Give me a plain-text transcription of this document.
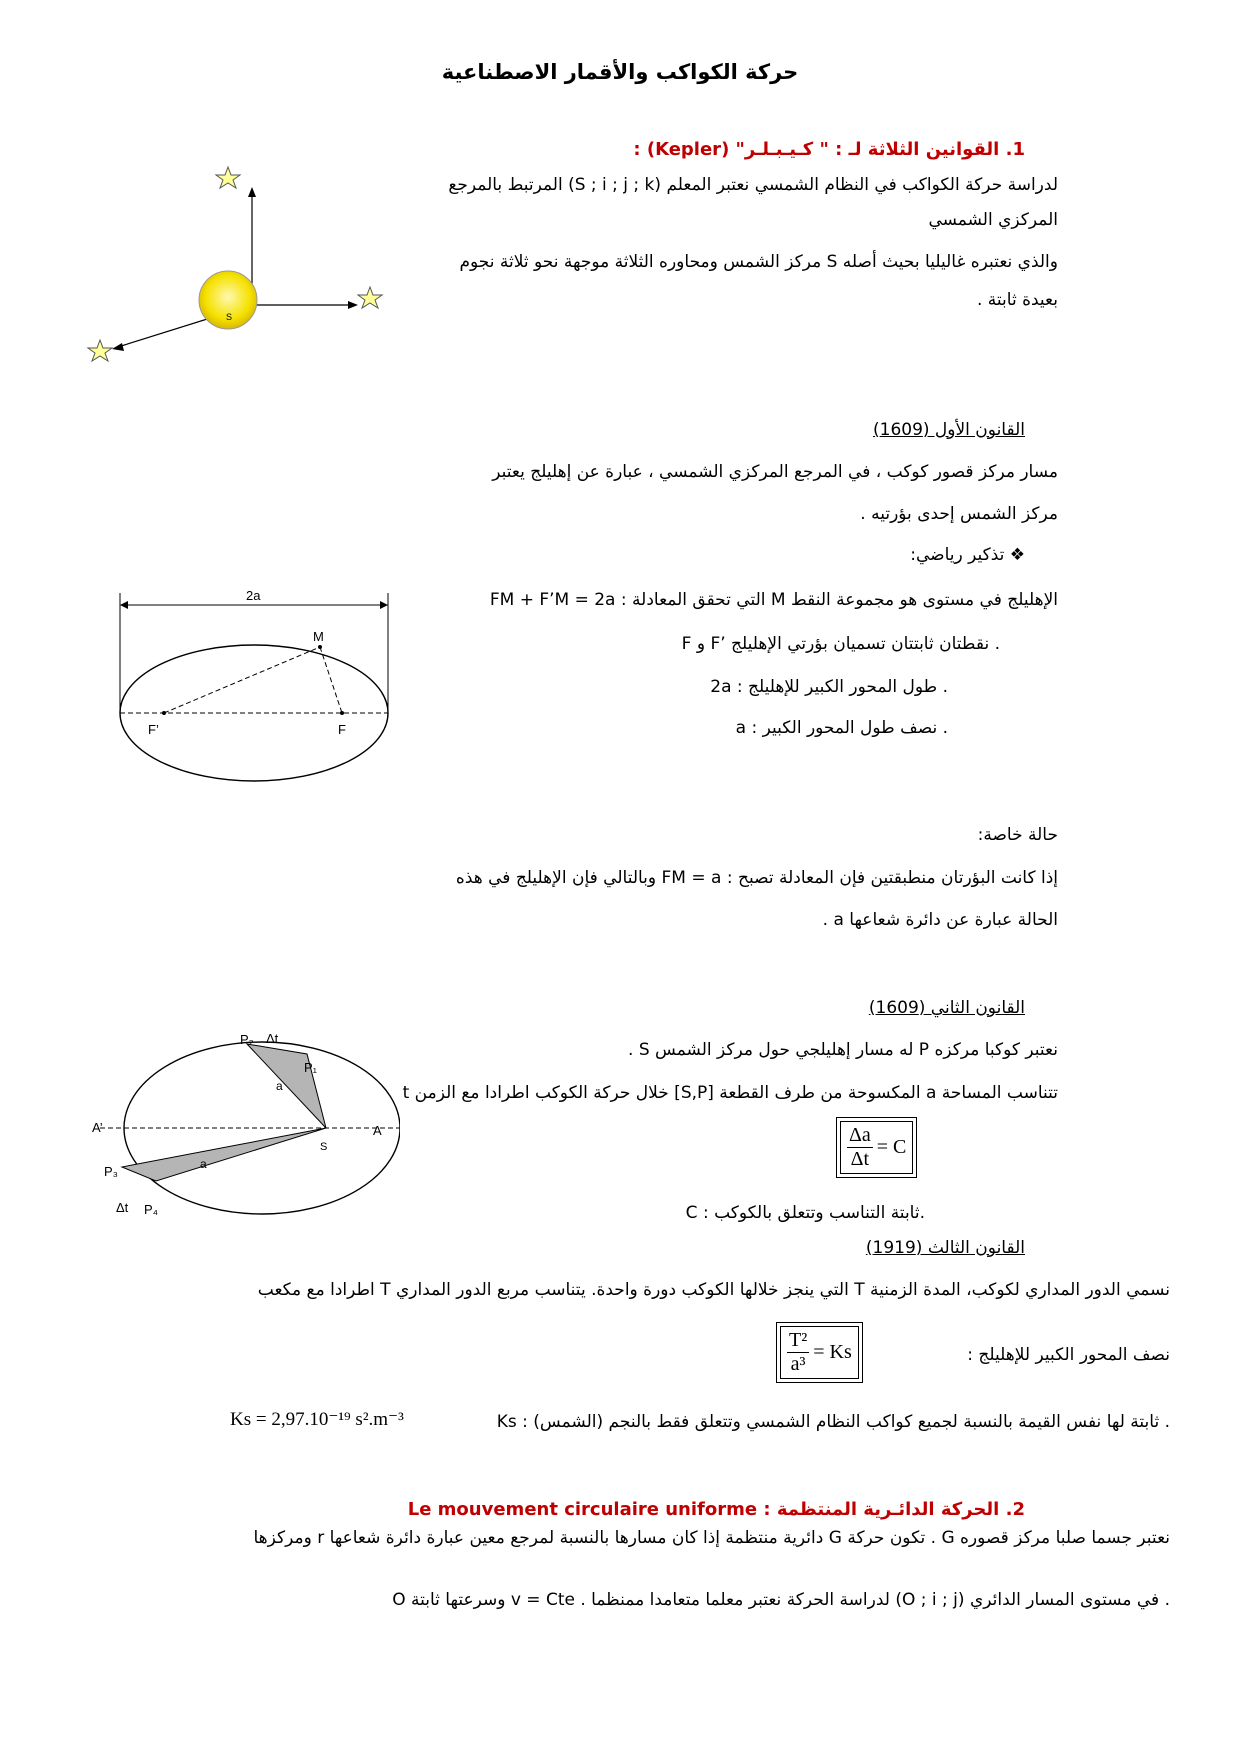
حركة الكواكب والأقمار الاصطناعية
1. القوانين الثلاثة لـ : " كـيـبـلـر" (Kepler) :
لدراسة حركة الكواكب في النظام الشمسي نعتبر المعلم (S ; i ; j ; k) المرتبط بالمرجع
المركزي الشمسي
والذي نعتبره غاليليا بحيث أصله S مركز الشمس ومحاوره الثلاثة موجهة نحو ثلاثة نجوم
بعيدة ثابتة .
S
القانون الأول (1609)
مسار مركز قصور كوكب ، في المرجع المركزي الشمسي ، عبارة عن إهليلج يعتبر
مركز الشمس إحدى بؤرتيه .
❖ تذكير رياضي:
الإهليلج في مستوى هو مجموعة النقط M التي تحقق المعادلة : FM + F’M = 2a
F و F’ نقطتان ثابتتان تسميان بؤرتي الإهليلج .
2a : طول المحور الكبير للإهليلج .
a : نصف طول المحور الكبير .
2a
M
F’	F
حالة خاصة:
إذا كانت البؤرتان منطبقتين فإن المعادلة تصبح : FM = a وبالتالي فإن الإهليلج في هذه
الحالة عبارة عن دائرة شعاعها a .
القانون الثاني (1609)
نعتبر كوكبا مركزه P له مسار إهليلجي حول مركز الشمس S .
تتناسب المساحة a المكسوحة من طرف القطعة [S,P] خلال حركة الكوكب اطرادا مع الزمن t
$\frac{\Delta a}{\Delta t} = C$
C : ثابتة التناسب وتتعلق بالكوكب.
P₂ Δt
P₁
a
a
A’	A
S
P₃
Δt P₄
القانون الثالث (1919)
نسمي الدور المداري لكوكب، المدة الزمنية T التي ينجز خلالها الكوكب دورة واحدة. يتناسب مربع الدور المداري T اطرادا مع مكعب
نصف المحور الكبير للإهليلج :
$\frac{\text{T²}}{\text{a³}} = Ks$
Ks : ثابتة لها نفس القيمة بالنسبة لجميع كواكب النظام الشمسي وتتعلق فقط بالنجم (الشمس) .
Ks = 2,97.10⁻¹⁹ s².m⁻³
2. الحركة الدائـرية المنتظمة : Le mouvement circulaire uniforme
نعتبر جسما صلبا مركز قصوره G . تكون حركة G دائرية منتظمة إذا كان مسارها بالنسبة لمرجع معين عبارة دائرة شعاعها r ومركزها
O وسرعتها ثابتة v = Cte . لدراسة الحركة نعتبر معلما متعامدا ممنظما (O ; i ; j) في مستوى المسار الدائري .
